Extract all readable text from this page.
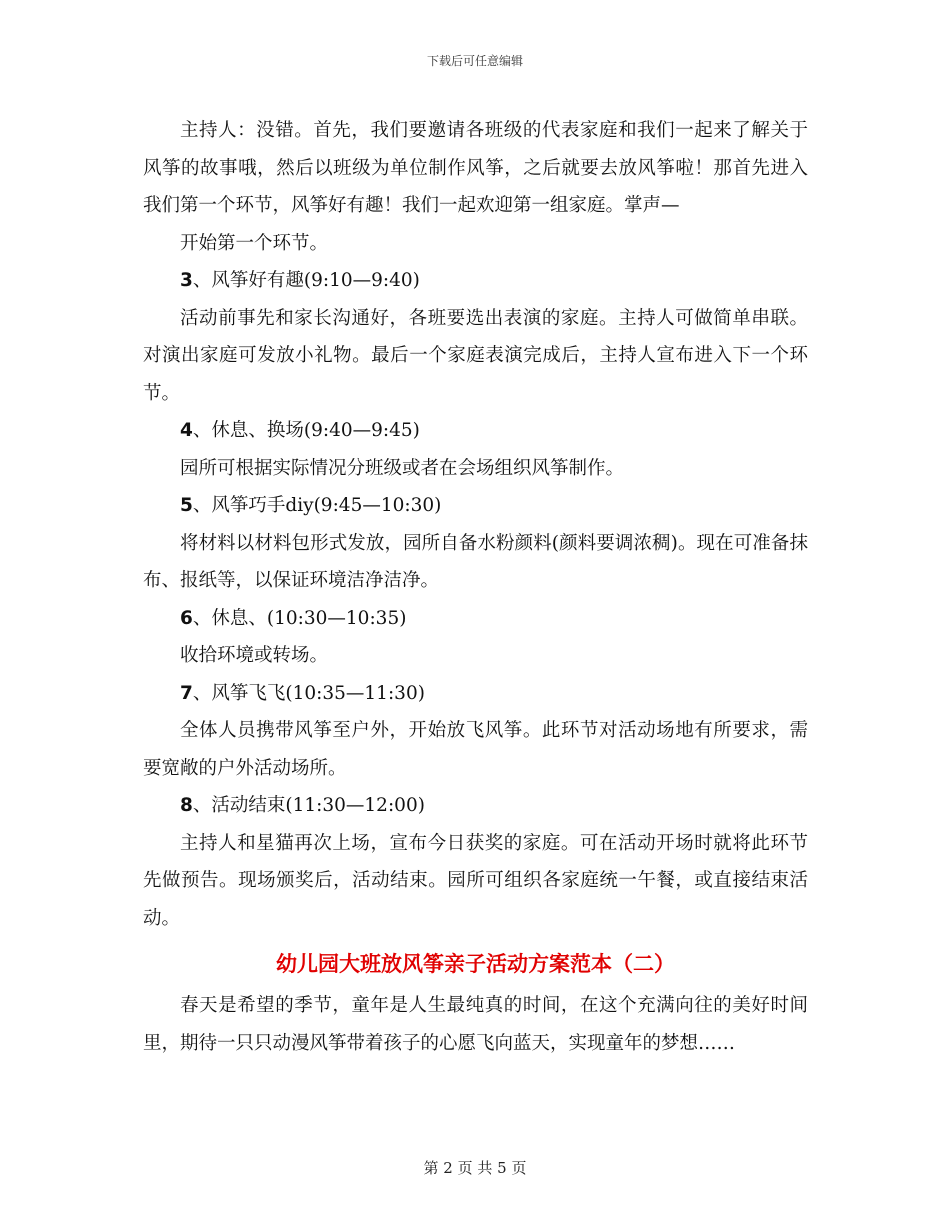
下载后可任意编辑

主持人：没错。首先，我们要邀请各班级的代表家庭和我们一起来了解关于风筝的故事哦，然后以班级为单位制作风筝，之后就要去放风筝啦！那首先进入我们第一个环节，风筝好有趣！我们一起欢迎第一组家庭。掌声—

开始第一个环节。

3、风筝好有趣(9:10—9:40)

活动前事先和家长沟通好，各班要选出表演的家庭。主持人可做简单串联。对演出家庭可发放小礼物。最后一个家庭表演完成后，主持人宣布进入下一个环节。

4、休息、换场(9:40—9:45)

园所可根据实际情况分班级或者在会场组织风筝制作。

5、风筝巧手diy(9:45—10:30)

将材料以材料包形式发放，园所自备水粉颜料(颜料要调浓稠)。现在可准备抹布、报纸等，以保证环境洁净洁净。

6、休息、(10:30—10:35)

收拾环境或转场。

7、风筝飞飞(10:35—11:30)

全体人员携带风筝至户外，开始放飞风筝。此环节对活动场地有所要求，需要宽敞的户外活动场所。

8、活动结束(11:30—12:00)

主持人和星猫再次上场，宣布今日获奖的家庭。可在活动开场时就将此环节先做预告。现场颁奖后，活动结束。园所可组织各家庭统一午餐，或直接结束活动。

幼儿园大班放风筝亲子活动方案范本（二）

春天是希望的季节，童年是人生最纯真的时间，在这个充满向往的美好时间里，期待一只只动漫风筝带着孩子的心愿飞向蓝天，实现童年的梦想……

第 2 页 共 5 页
